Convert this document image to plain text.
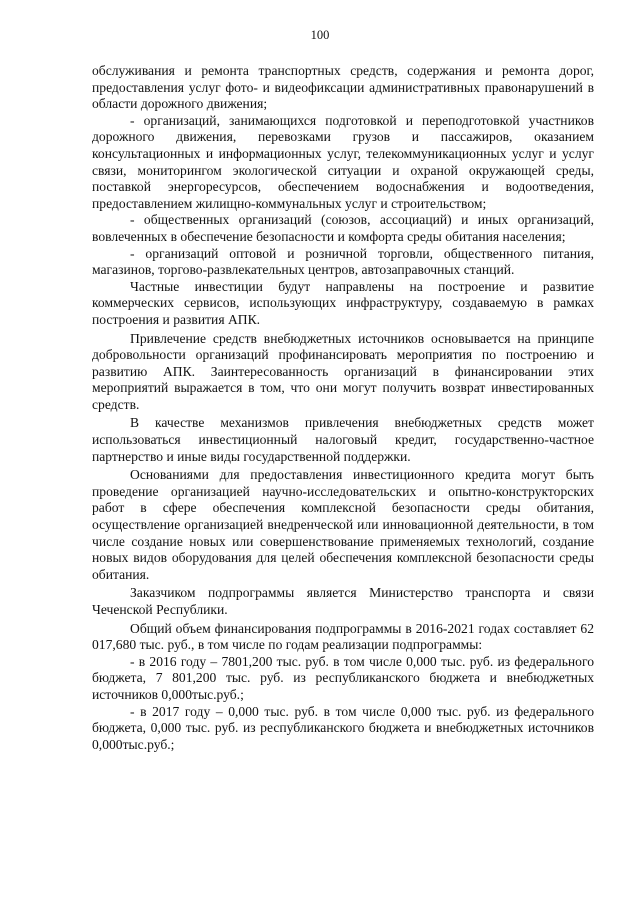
100

обслуживания и ремонта транспортных средств, содержания и ремонта дорог, предоставления услуг фото- и видеофиксации административных правонарушений в области дорожного движения;

- организаций, занимающихся подготовкой и переподготовкой участников дорожного движения, перевозками грузов и пассажиров, оказанием консультационных и информационных услуг, телекоммуникационных услуг и услуг связи, мониторингом экологической ситуации и охраной окружающей среды, поставкой энергоресурсов, обеспечением водоснабжения и водоотведения, предоставлением жилищно-коммунальных услуг и строительством;

- общественных организаций (союзов, ассоциаций) и иных организаций, вовлеченных в обеспечение безопасности и комфорта среды обитания населения;

- организаций оптовой и розничной торговли, общественного питания, магазинов, торгово-развлекательных центров, автозаправочных станций.

Частные инвестиции будут направлены на построение и развитие коммерческих сервисов, использующих инфраструктуру, создаваемую в рамках построения и развития АПК.

Привлечение средств внебюджетных источников основывается на принципе добровольности организаций профинансировать мероприятия по построению и развитию АПК. Заинтересованность организаций в финансировании этих мероприятий выражается в том, что они могут получить возврат инвестированных средств.

В качестве механизмов привлечения внебюджетных средств может использоваться инвестиционный налоговый кредит, государственно-частное партнерство и иные виды государственной поддержки.

Основаниями для предоставления инвестиционного кредита могут быть проведение организацией научно-исследовательских и опытно-конструкторских работ в сфере обеспечения комплексной безопасности среды обитания, осуществление организацией внедренческой или инновационной деятельности, в том числе создание новых или совершенствование применяемых технологий, создание новых видов оборудования для целей обеспечения комплексной безопасности среды обитания.

Заказчиком подпрограммы является Министерство транспорта и связи Чеченской Республики.

Общий объем финансирования подпрограммы в 2016-2021 годах составляет 62 017,680 тыс. руб., в том числе по годам реализации подпрограммы:

- в 2016 году – 7801,200 тыс. руб. в том числе 0,000 тыс. руб. из федерального бюджета, 7 801,200 тыс. руб. из республиканского бюджета и внебюджетных источников 0,000тыс.руб.;

- в 2017 году – 0,000 тыс. руб. в том числе 0,000 тыс. руб. из федерального бюджета, 0,000 тыс. руб. из республиканского бюджета и внебюджетных источников 0,000тыс.руб.;
